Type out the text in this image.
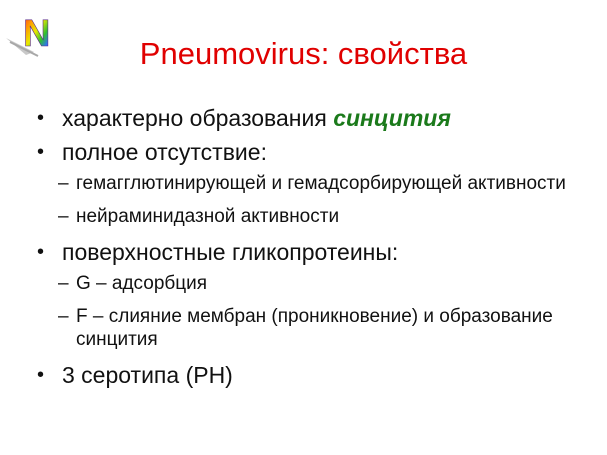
N	Pneumovirus: свойства
• характерно образования синцития
• полное отсутствие:
– гемагглютинирующей и гемадсорбирующей активности
– нейраминидазной активности
• поверхностные гликопротеины:
– G – адсорбция
– F – слияние мембран (проникновение) и образование синцития
• 3 серотипа (РН)
